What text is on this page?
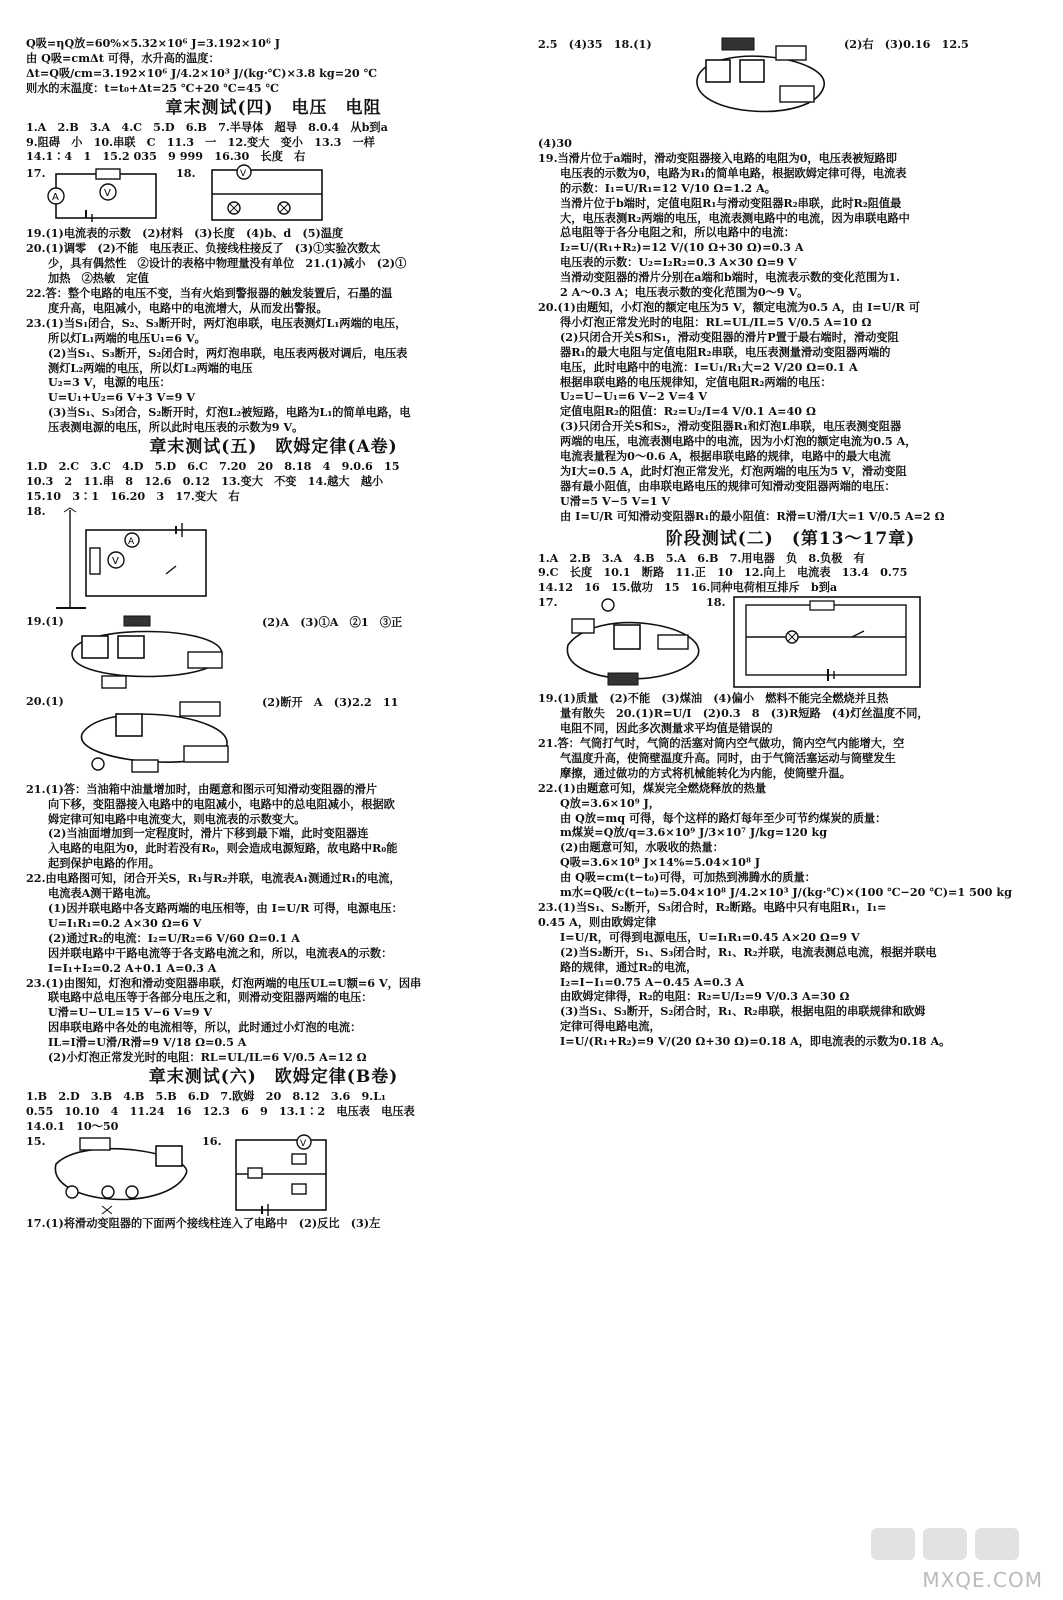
Q吸=ηQ放=60%×5.32×10⁶ J=3.192×10⁶ J
由 Q吸=cmΔt 可得，水升高的温度：
Δt=Q吸/cm=3.192×10⁶ J/4.2×10³ J/(kg·℃)×3.8 kg=20 ℃
则水的末温度：t=t₀+Δt=25 ℃+20 ℃=45 ℃
章末测试(四)　电压　电阻
1.A　2.B　3.A　4.C　5.D　6.B　7.半导体　超导　8.0.4　从b到a
9.阻碍　小　10.串联　C　11.3　一　12.变大　变小　13.3　一样
14.1∶4　1　15.2 035　9 999　16.30　长度　右
17.
A	V
18.	V
19.(1)电流表的示数　(2)材料　(3)长度　(4)b、d　(5)温度
20.(1)调零　(2)不能　电压表正、负接线柱接反了　(3)①实验次数太
少，具有偶然性　②设计的表格中物理量没有单位　21.(1)减小　(2)①
加热　②热敏　定值
22.答：整个电路的电压不变，当有火焰到警报器的触发装置后，石墨的温
度升高，电阻减小，电路中的电流增大，从而发出警报。
23.(1)当S₁闭合，S₂、S₃断开时，两灯泡串联，电压表测灯L₁两端的电压，
所以灯L₁两端的电压U₁=6 V。
(2)当S₁、S₃断开，S₂闭合时，两灯泡串联，电压表两极对调后，电压表
测灯L₂两端的电压，所以灯L₂两端的电压
U₂=3 V，电源的电压：
U=U₁+U₂=6 V+3 V=9 V
(3)当S₁、S₃闭合，S₂断开时，灯泡L₂被短路，电路为L₁的简单电路，电
压表测电源的电压，所以此时电压表的示数为9 V。
章末测试(五)　欧姆定律(A卷)
1.D　2.C　3.C　4.D　5.D　6.C　7.20　20　8.18　4　9.0.6　15
10.3　2　11.串　8　12.6　0.12　13.变大　不变　14.越大　越小
15.10　3∶1　16.20　3　17.变大　右
18.
V
A
19.(1)	(2)A　(3)①A　②1　③正
20.(1)	(2)断开　A　(3)2.2　11
21.(1)答：当油箱中油量增加时，由题意和图示可知滑动变阻器的滑片
向下移，变阻器接入电路中的电阻减小，电路中的总电阻减小，根据欧
姆定律可知电路中电流变大，则电流表的示数变大。
(2)当油面增加到一定程度时，滑片下移到最下端，此时变阻器连
入电路的电阻为0，此时若没有R₀，则会造成电源短路，故电路中R₀能
起到保护电路的作用。
22.由电路图可知，闭合开关S，R₁与R₂并联，电流表A₁测通过R₁的电流，
电流表A测干路电流。
(1)因并联电路中各支路两端的电压相等，由 I=U/R 可得，电源电压：
U=I₁R₁=0.2 A×30 Ω=6 V
(2)通过R₂的电流：I₂=U/R₂=6 V/60 Ω=0.1 A
因并联电路中干路电流等于各支路电流之和，所以，电流表A的示数：
I=I₁+I₂=0.2 A+0.1 A=0.3 A
23.(1)由图知，灯泡和滑动变阻器串联，灯泡两端的电压UL=U额=6 V，因串
联电路中总电压等于各部分电压之和，则滑动变阻器两端的电压：
U滑=U−UL=15 V−6 V=9 V
因串联电路中各处的电流相等，所以，此时通过小灯泡的电流：
IL=I滑=U滑/R滑=9 V/18 Ω=0.5 A
(2)小灯泡正常发光时的电阻：RL=UL/IL=6 V/0.5 A=12 Ω
章末测试(六)　欧姆定律(B卷)
1.B　2.D　3.B　4.B　5.B　6.D　7.欧姆　20　8.12　3.6　9.L₁
0.55　10.10　4　11.24　16　12.3　6　9　13.1∶2　电压表　电压表
14.0.1　10～50
15.	16.	V
17.(1)将滑动变阻器的下面两个接线柱连入了电路中　(2)反比　(3)左
2.5　(4)35　18.(1)	(2)右　(3)0.16　12.5
(4)30
19.当滑片位于a端时，滑动变阻器接入电路的电阻为0，电压表被短路即
电压表的示数为0，电路为R₁的简单电路，根据欧姆定律可得，电流表
的示数：I₁=U/R₁=12 V/10 Ω=1.2 A。
当滑片位于b端时，定值电阻R₁与滑动变阻器R₂串联，此时R₂阻值最
大，电压表测R₂两端的电压，电流表测电路中的电流，因为串联电路中
总电阻等于各分电阻之和，所以电路中的电流：
I₂=U/(R₁+R₂)=12 V/(10 Ω+30 Ω)=0.3 A
电压表的示数：U₂=I₂R₂=0.3 A×30 Ω=9 V
当滑动变阻器的滑片分别在a端和b端时，电流表示数的变化范围为1.
2 A～0.3 A；电压表示数的变化范围为0～9 V。
20.(1)由题知，小灯泡的额定电压为5 V，额定电流为0.5 A，由 I=U/R 可
得小灯泡正常发光时的电阻：RL=UL/IL=5 V/0.5 A=10 Ω
(2)只闭合开关S和S₁，滑动变阻器的滑片P置于最右端时，滑动变阻
器R₁的最大电阻与定值电阻R₂串联，电压表测量滑动变阻器两端的
电压，此时电路中的电流：I=U₁/R₁大=2 V/20 Ω=0.1 A
根据串联电路的电压规律知，定值电阻R₂两端的电压：
U₂=U−U₁=6 V−2 V=4 V
定值电阻R₂的阻值：R₂=U₂/I=4 V/0.1 A=40 Ω
(3)只闭合开关S和S₂，滑动变阻器R₁和灯泡L串联，电压表测变阻器
两端的电压，电流表测电路中的电流，因为小灯泡的额定电流为0.5 A，
电流表量程为0～0.6 A，根据串联电路的规律，电路中的最大电流
为I大=0.5 A，此时灯泡正常发光，灯泡两端的电压为5 V，滑动变阻
器有最小阻值，由串联电路电压的规律可知滑动变阻器两端的电压：
U滑=5 V−5 V=1 V
由 I=U/R 可知滑动变阻器R₁的最小阻值：R滑=U滑/I大=1 V/0.5 A=2 Ω
阶段测试(二)　(第13～17章)
1.A　2.B　3.A　4.B　5.A　6.B　7.用电器　负　8.负极　有
9.C　长度　10.1　断路　11.正　10　12.向上　电流表　13.4　0.75
14.12　16　15.做功　15　16.同种电荷相互排斥　b到a
17.	18.
19.(1)质量　(2)不能　(3)煤油　(4)偏小　燃料不能完全燃烧并且热
量有散失　20.(1)R=U/I　(2)0.3　8　(3)R短路　(4)灯丝温度不同，
电阻不同，因此多次测量求平均值是错误的
21.答：气筒打气时，气筒的活塞对筒内空气做功，筒内空气内能增大，空
气温度升高，使筒壁温度升高。同时，由于气筒活塞运动与筒壁发生
摩擦，通过做功的方式将机械能转化为内能，使筒壁升温。
22.(1)由题意可知，煤炭完全燃烧释放的热量
Q放=3.6×10⁹ J，
由 Q放=mq 可得，每个这样的路灯每年至少可节约煤炭的质量：
m煤炭=Q放/q=3.6×10⁹ J/3×10⁷ J/kg=120 kg
(2)由题意可知，水吸收的热量：
Q吸=3.6×10⁹ J×14%=5.04×10⁸ J
由 Q吸=cm(t−t₀)可得，可加热到沸腾水的质量：
m水=Q吸/c(t−t₀)=5.04×10⁸ J/4.2×10³ J/(kg·℃)×(100 ℃−20 ℃)=1 500 kg
23.(1)当S₁、S₂断开，S₃闭合时，R₂断路。电路中只有电阻R₁，I₁=
0.45 A，则由欧姆定律
I=U/R，可得到电源电压，U=I₁R₁=0.45 A×20 Ω=9 V
(2)当S₂断开，S₁、S₃闭合时，R₁、R₂并联，电流表测总电流，根据并联电
路的规律，通过R₂的电流，
I₂=I−I₁=0.75 A−0.45 A=0.3 A
由欧姆定律得，R₂的电阻：R₂=U/I₂=9 V/0.3 A=30 Ω
(3)当S₁、S₃断开，S₂闭合时，R₁、R₂串联，根据电阻的串联规律和欧姆
定律可得电路电流，
I=U/(R₁+R₂)=9 V/(20 Ω+30 Ω)=0.18 A，即电流表的示数为0.18 A。
MXQE.COM
